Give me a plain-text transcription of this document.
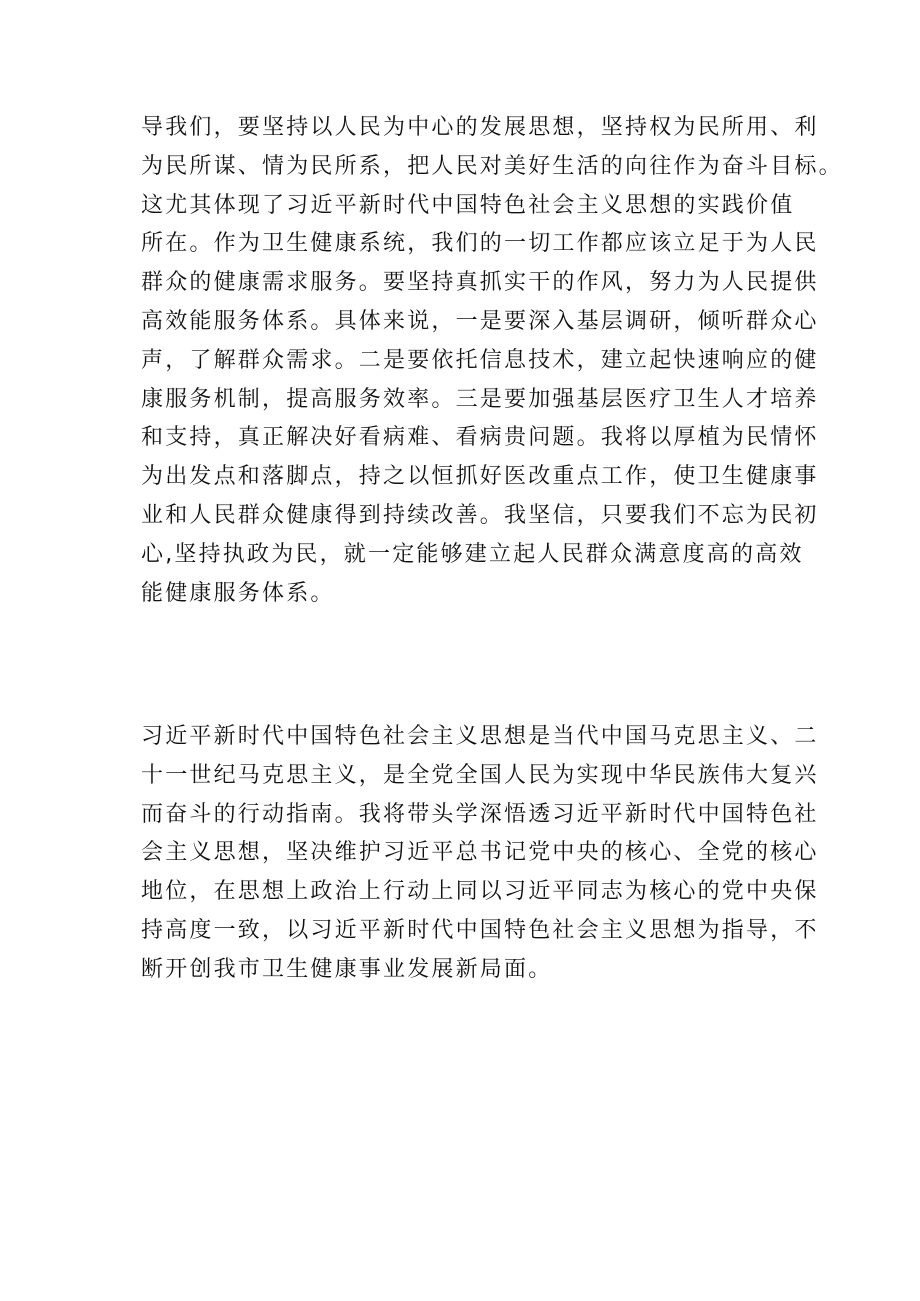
导我们，要坚持以人民为中心的发展思想，坚持权为民所用、利
为民所谋、情为民所系，把人民对美好生活的向往作为奋斗目标。
这尤其体现了习近平新时代中国特色社会主义思想的实践价值
所在。作为卫生健康系统，我们的一切工作都应该立足于为人民
群众的健康需求服务。要坚持真抓实干的作风，努力为人民提供
高效能服务体系。具体来说，一是要深入基层调研，倾听群众心
声，了解群众需求。二是要依托信息技术，建立起快速响应的健
康服务机制，提高服务效率。三是要加强基层医疗卫生人才培养
和支持，真正解决好看病难、看病贵问题。我将以厚植为民情怀
为出发点和落脚点，持之以恒抓好医改重点工作，使卫生健康事
业和人民群众健康得到持续改善。我坚信，只要我们不忘为民初
心,坚持执政为民，就一定能够建立起人民群众满意度高的高效
能健康服务体系。
习近平新时代中国特色社会主义思想是当代中国马克思主义、二
十一世纪马克思主义，是全党全国人民为实现中华民族伟大复兴
而奋斗的行动指南。我将带头学深悟透习近平新时代中国特色社
会主义思想，坚决维护习近平总书记党中央的核心、全党的核心
地位，在思想上政治上行动上同以习近平同志为核心的党中央保
持高度一致，以习近平新时代中国特色社会主义思想为指导，不
断开创我市卫生健康事业发展新局面。
